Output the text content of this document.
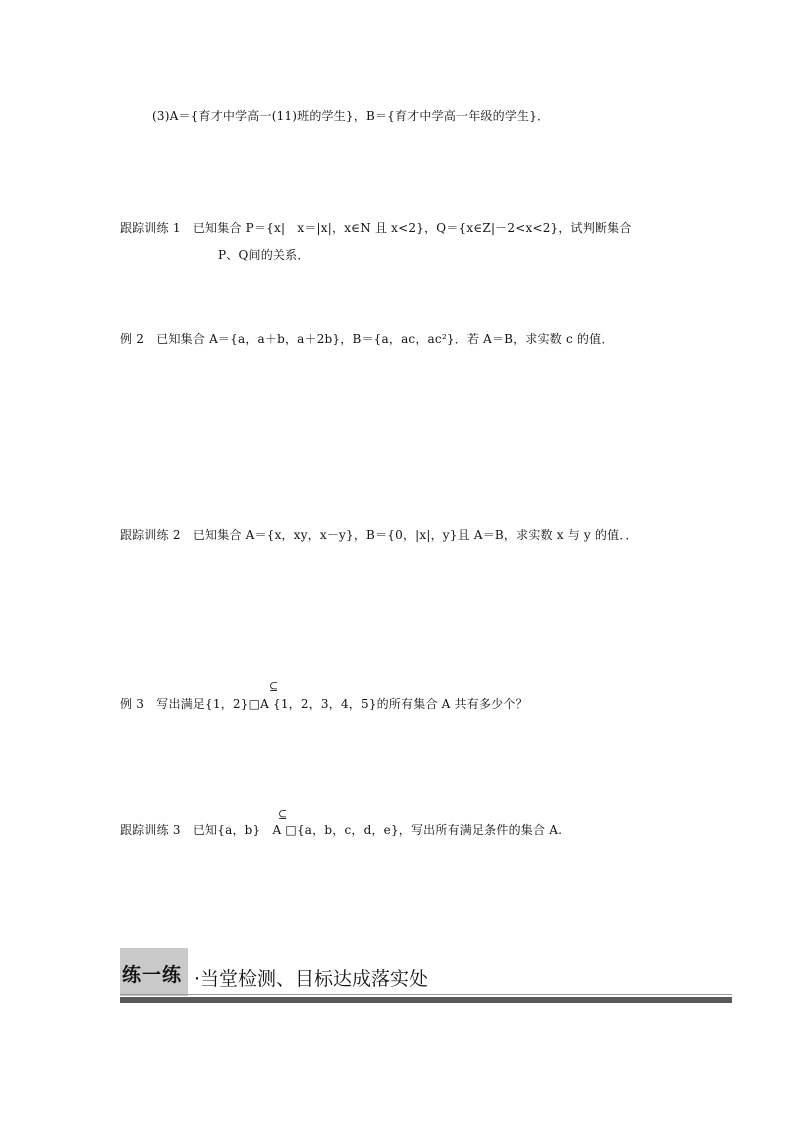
(3)A＝{育才中学高一(11)班的学生}，B＝{育才中学高一年级的学生}．
跟踪训练 1　已知集合 P＝{x|　x＝|x|，x∈N 且 x<2}，Q＝{x∈Z|－2<x<2}，试判断集合
P、Q间的关系．
例 2　已知集合 A＝{a，a＋b，a＋2b}，B＝{a，ac，ac²}．若 A＝B，求实数 c 的值．
跟踪训练 2　已知集合 A＝{x，xy，x－y}，B＝{0，|x|，y}且 A＝B，求实数 x 与 y 的值．．
⊆
例 3　写出满足{1，2}□A {1，2，3，4，5}的所有集合 A 共有多少个？
⊆
跟踪训练 3　已知{a，b}　A □{a，b，c，d，e}，写出所有满足条件的集合 A.
练一练 ·当堂检测、目标达成落实处
